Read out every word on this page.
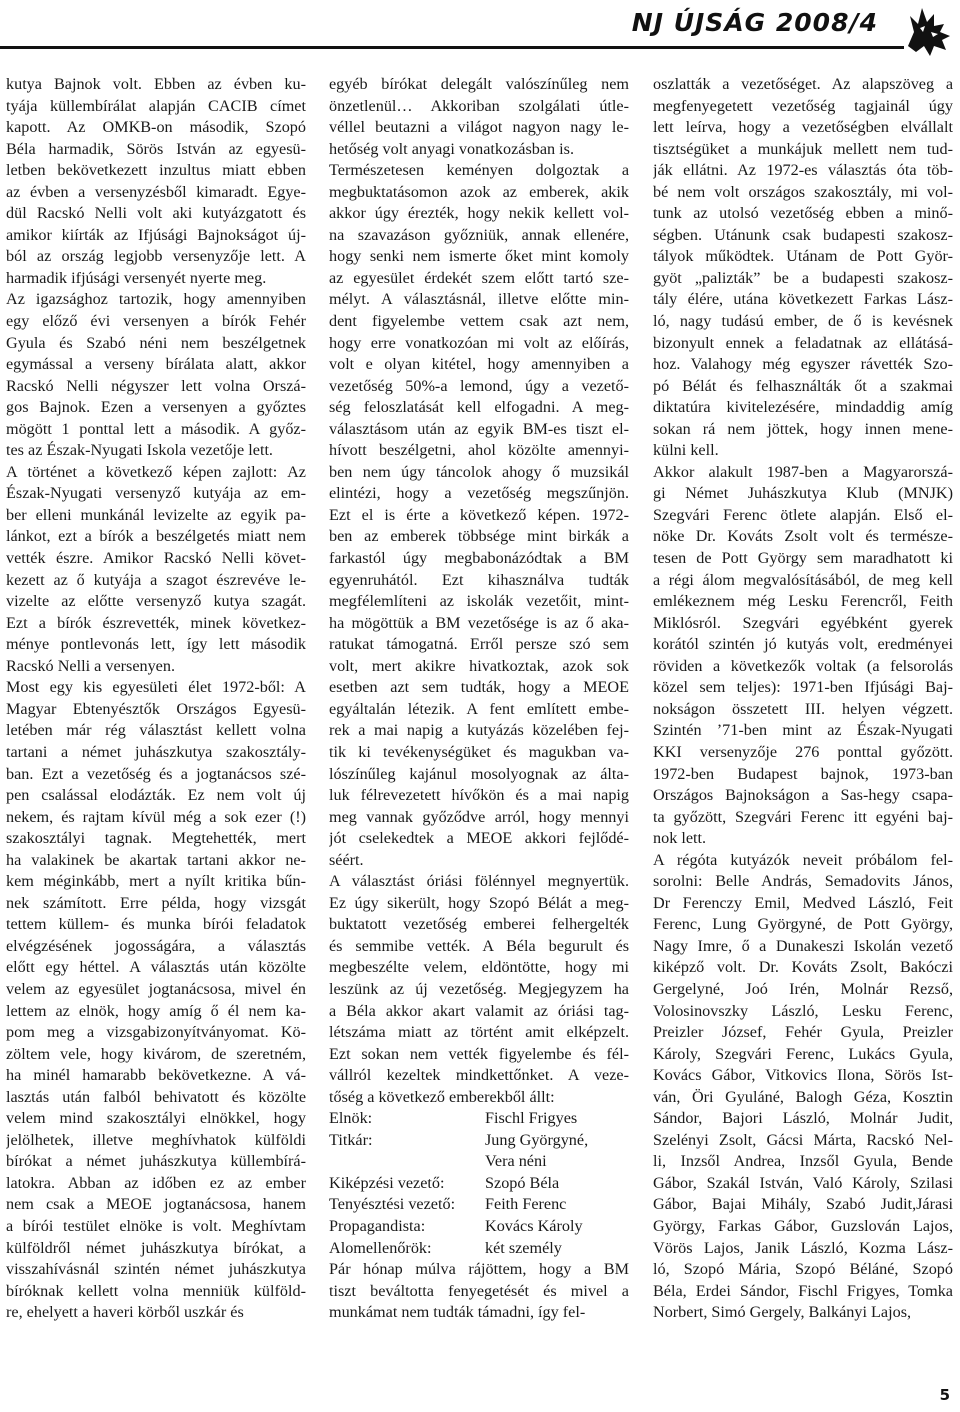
NJ ÚJSÁG 2008/4
kutya Bajnok volt. Ebben az évben ku-
tyája küllembírálat alapján CACIB címet
kapott. Az OMKB-on második, Szopó
Béla harmadik, Sörös István az egyesü-
letben bekövetkezett inzultus miatt ebben
az évben a versenyzésből kimaradt. Egye-
dül Racskó Nelli volt aki kutyázgatott és
amikor kiírták az Ifjúsági Bajnokságot új-
ból az ország legjobb versenyzője lett. A
harmadik ifjúsági versenyét nyerte meg.
Az igazsághoz tartozik, hogy amennyiben
egy előző évi versenyen a bírók Fehér
Gyula és Szabó néni nem beszélgetnek
egymással a verseny bírálata alatt, akkor
Racskó Nelli négyszer lett volna Orszá-
gos Bajnok. Ezen a versenyen a győztes
mögött 1 ponttal lett a második. A győz-
tes az Észak-Nyugati Iskola vezetője lett.
A történet a következő képen zajlott: Az
Észak-Nyugati versenyző kutyája az em-
ber elleni munkánál levizelte az egyik pa-
lánkot, ezt a bírók a beszélgetés miatt nem
vették észre. Amikor Racskó Nelli követ-
kezett az ő kutyája a szagot észrevéve le-
vizelte az előtte versenyző kutya szagát.
Ezt a bírók észrevették, minek következ-
ménye pontlevonás lett, így lett második
Racskó Nelli a versenyen.
Most egy kis egyesületi élet 1972-ből: A
Magyar Ebtenyésztők Országos Egyesü-
letében már rég választást kellett volna
tartani a német juhászkutya szakosztály-
ban. Ezt a vezetőség és a jogtanácsos szé-
pen csalással elodázták. Ez nem volt új
nekem, és rajtam kívül még a sok ezer (!)
szakosztályi tagnak. Megtehették, mert
ha valakinek be akartak tartani akkor ne-
kem méginkább, mert a nyílt kritika bűn-
nek számított. Erre példa, hogy vizsgát
tettem küllem- és munka bírói feladatok
elvégzésének jogosságára, a választás
előtt egy héttel. A választás után közölte
velem az egyesület jogtanácsosa, mivel én
lettem az elnök, hogy amíg ő él nem ka-
pom meg a vizsgabizonyítványomat. Kö-
zöltem vele, hogy kivárom, de szeretném,
ha minél hamarabb bekövetkezne. A vá-
lasztás után falból behivatott és közölte
velem mind szakosztályi elnökkel, hogy
jelölhetek, illetve meghívhatok külföldi
bírókat a német juhászkutya küllembírá-
latokra. Abban az időben ez az ember
nem csak a MEOE jogtanácsosa, hanem
a bírói testület elnöke is volt. Meghívtam
külföldről német juhászkutya bírókat, a
visszahívásnál szintén német juhászkutya
bíróknak kellett volna menniük külföld-
re, ehelyett a haveri körből uszkár és
egyéb bírókat delegált valószínűleg nem
önzetlenül… Akkoriban szolgálati útle-
véllel beutazni a világot nagyon nagy le-
hetőség volt anyagi vonatkozásban is.
Természetesen keményen dolgoztak a
megbuktatásomon azok az emberek, akik
akkor úgy érezték, hogy nekik kellett vol-
na szavazáson győzniük, annak ellenére,
hogy senki nem ismerte őket mint komoly
az egyesület érdekét szem előtt tartó sze-
mélyt. A választásnál, illetve előtte min-
dent figyelembe vettem csak azt nem,
hogy erre vonatkozóan mi volt az előírás,
volt e olyan kitétel, hogy amennyiben a
vezetőség 50%-a lemond, úgy a vezető-
ség feloszlatását kell elfogadni. A meg-
választásom után az egyik BM-es tiszt el-
hívott beszélgetni, ahol közölte amennyi-
ben nem úgy táncolok ahogy ő muzsikál
elintézi, hogy a vezetőség megszűnjön.
Ezt el is érte a következő képen. 1972-
ben az emberek többsége mint birkák a
farkastól úgy megbabonázódtak a BM
egyenruhától. Ezt kihasználva tudták
megfélemlíteni az iskolák vezetőit, mint-
ha mögöttük a BM vezetősége is az ő aka-
ratukat támogatná. Erről persze szó sem
volt, mert akikre hivatkoztak, azok sok
esetben azt sem tudták, hogy a MEOE
egyáltalán létezik. A fent említett embe-
rek a mai napig a kutyázás közelében fej-
tik ki tevékenységüket és magukban va-
lószínűleg kajánul mosolyognak az álta-
luk félrevezetett hívőkön és a mai napig
meg vannak győződve arról, hogy mennyi
jót cselekedtek a MEOE akkori fejlődé-
séért.
A választást óriási fölénnyel megnyertük.
Ez úgy sikerült, hogy Szopó Bélát a meg-
buktatott vezetőség emberei felhergelték
és semmibe vették. A Béla begurult és
megbeszélte velem, eldöntötte, hogy mi
leszünk az új vezetőség. Megjegyzem ha
a Béla akkor akart valamit az óriási tag-
létszáma miatt az történt amit elképzelt.
Ezt sokan nem vették figyelembe és fél-
vállról kezeltek mindkettőnket. A veze-
tőség a következő emberekből állt:
Elnök:	Fischl Frigyes
Titkár:	Jung Györgyné,
Vera néni
Kiképzési vezető:	Szopó Béla
Tenyésztési vezető:	Feith Ferenc
Propagandista:	Kovács Károly
Alomellenőrök:	két személy
Pár hónap múlva rájöttem, hogy a BM
tiszt beváltotta fenyegetését és mivel a
munkámat nem tudták támadni, így fel-
oszlatták a vezetőséget. Az alapszöveg a
megfenyegetett vezetőség tagjainál úgy
lett leírva, hogy a vezetőségben elvállalt
tisztségüket a munkájuk mellett nem tud-
ják ellátni. Az 1972-es választás óta töb-
bé nem volt országos szakosztály, mi vol-
tunk az utolsó vezetőség ebben a minő-
ségben. Utánunk csak budapesti szakosz-
tályok működtek. Utánam de Pott Györ-
gyöt „palizták” be a budapesti szakosz-
tály élére, utána következett Farkas Lász-
ló, nagy tudású ember, de ő is kevésnek
bizonyult ennek a feladatnak az ellátásá-
hoz. Valahogy még egyszer rávették Szo-
pó Bélát és felhasználták őt a szakmai
diktatúra kivitelezésére, mindaddig amíg
sokan rá nem jöttek, hogy innen mene-
külni kell.
Akkor alakult 1987-ben a Magyarorszá-
gi Német Juhászkutya Klub (MNJK)
Szegvári Ferenc ötlete alapján. Első el-
nöke Dr. Kováts Zsolt volt és természe-
tesen de Pott György sem maradhatott ki
a régi álom megvalósításából, de meg kell
emlékeznem még Lesku Ferencről, Feith
Miklósról. Szegvári egyébként gyerek
korától szintén jó kutyás volt, eredményei
röviden a következők voltak (a felsorolás
közel sem teljes): 1971-ben Ifjúsági Baj-
nokságon összetett III. helyen végzett.
Szintén ’71-ben mint az Észak-Nyugati
KKI versenyzője 276 ponttal győzött.
1972-ben Budapest bajnok, 1973-ban
Országos Bajnokságon a Sas-hegy csapa-
ta győzött, Szegvári Ferenc itt egyéni baj-
nok lett.
A régóta kutyázók neveit próbálom fel-
sorolni: Belle András, Semadovits János,
Dr Ferenczy Emil, Medved László, Feit
Ferenc, Lung Györgyné, de Pott György,
Nagy Imre, ő a Dunakeszi Iskolán vezető
kiképző volt. Dr. Kováts Zsolt, Bakóczi
Gergelyné, Joó Irén, Molnár Rezső,
Volosinovszky László, Lesku Ferenc,
Preizler József, Fehér Gyula, Preizler
Károly, Szegvári Ferenc, Lukács Gyula,
Kovács Gábor, Vitkovics Ilona, Sörös Ist-
ván, Öri Gyuláné, Balogh Géza, Kosztin
Sándor, Bajori László, Molnár Judit,
Szelényi Zsolt, Gácsi Márta, Racskó Nel-
li, Inzsől Andrea, Inzsől Gyula, Bende
Gábor, Szakál István, Való Károly, Szilasi
Gábor, Bajai Mihály, Szabó Judit,Járasi
György, Farkas Gábor, Guzslován Lajos,
Vörös Lajos, Janik László, Kozma Lász-
ló, Szopó Mária, Szopó Béláné, Szopó
Béla, Erdei Sándor, Fischl Frigyes, Tomka
Norbert, Simó Gergely, Balkányi Lajos,
5
